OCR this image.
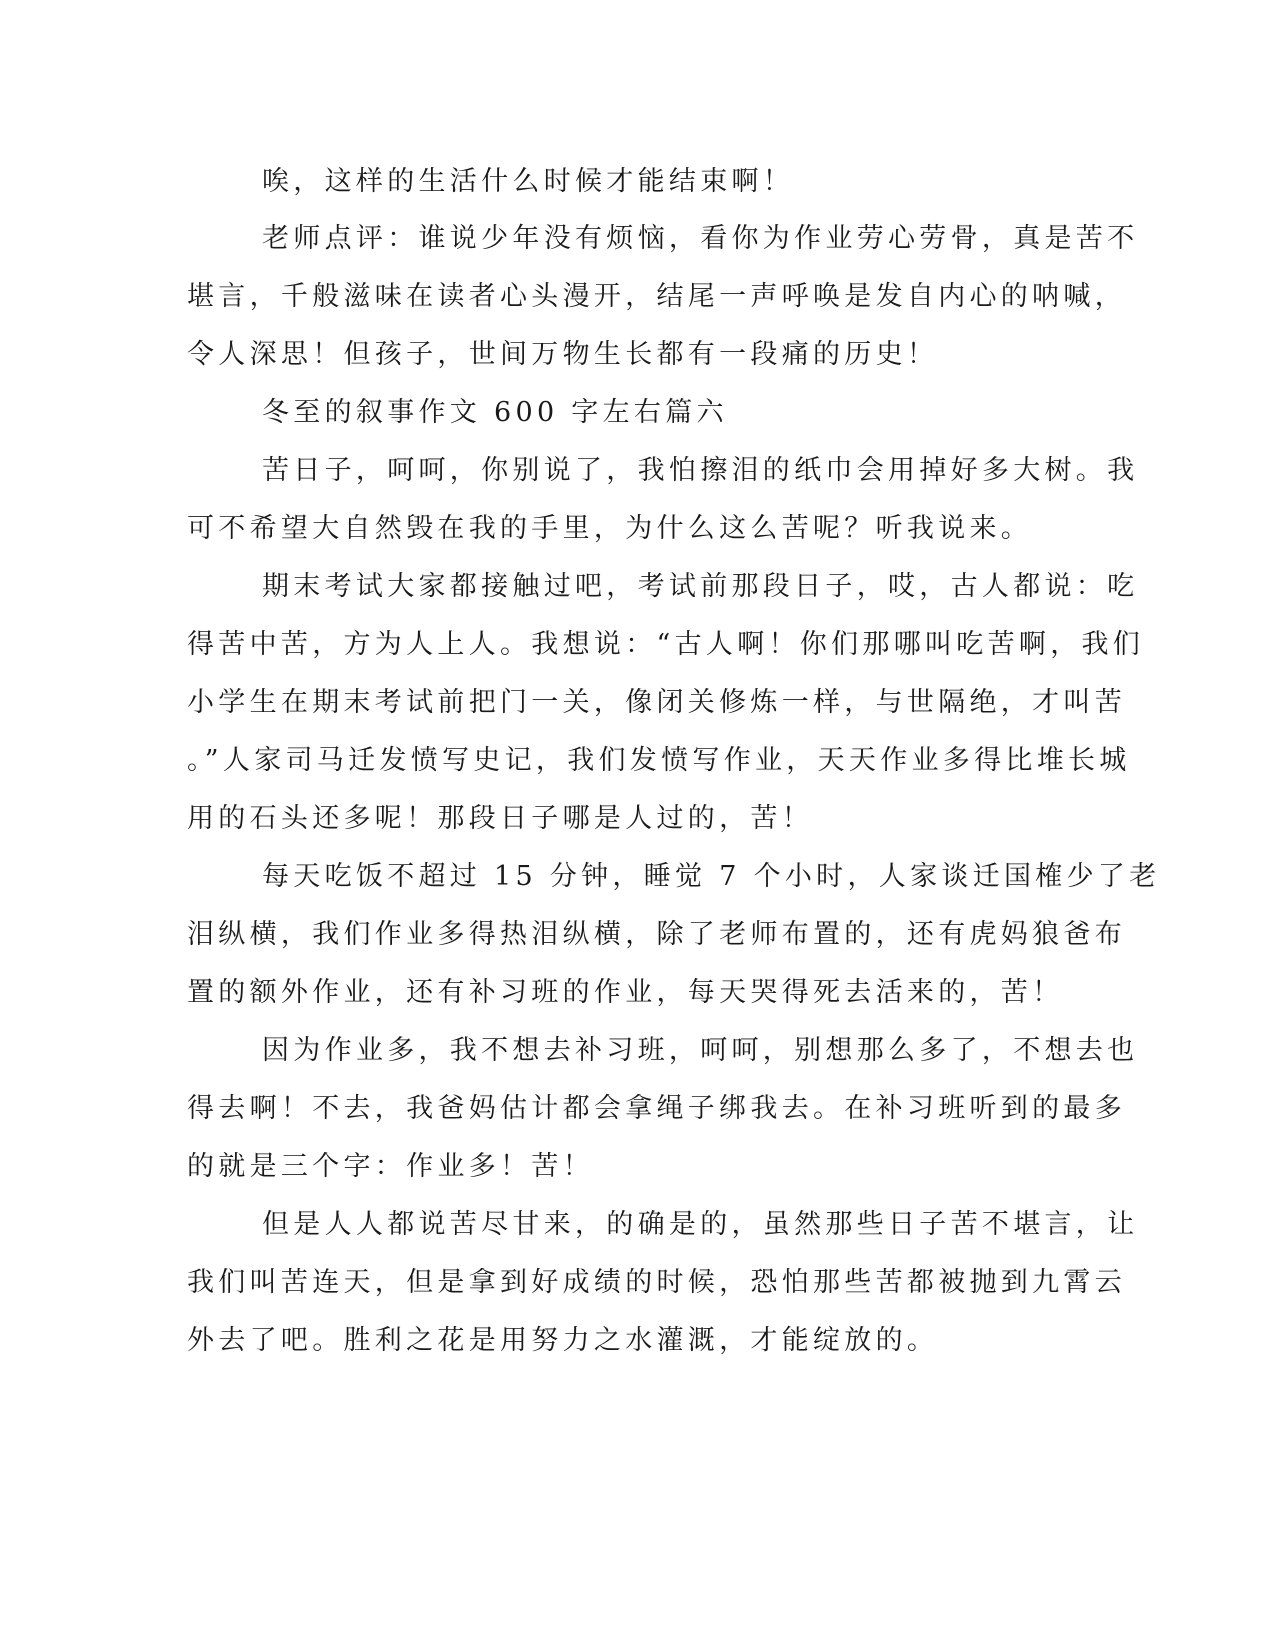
唉，这样的生活什么时候才能结束啊！
老师点评：谁说少年没有烦恼，看你为作业劳心劳骨，真是苦不
堪言，千般滋味在读者心头漫开，结尾一声呼唤是发自内心的呐喊，
令人深思！但孩子，世间万物生长都有一段痛的历史！
冬至的叙事作文 600 字左右篇六
苦日子，呵呵，你别说了，我怕擦泪的纸巾会用掉好多大树。我
可不希望大自然毁在我的手里，为什么这么苦呢？听我说来。
期末考试大家都接触过吧，考试前那段日子，哎，古人都说：吃
得苦中苦，方为人上人。我想说：“古人啊！你们那哪叫吃苦啊，我们
小学生在期末考试前把门一关，像闭关修炼一样，与世隔绝，才叫苦
。”人家司马迁发愤写史记，我们发愤写作业，天天作业多得比堆长城
用的石头还多呢！那段日子哪是人过的，苦！
每天吃饭不超过 15 分钟，睡觉 7 个小时，人家谈迁国榷少了老
泪纵横，我们作业多得热泪纵横，除了老师布置的，还有虎妈狼爸布
置的额外作业，还有补习班的作业，每天哭得死去活来的，苦！
因为作业多，我不想去补习班，呵呵，别想那么多了，不想去也
得去啊！不去，我爸妈估计都会拿绳子绑我去。在补习班听到的最多
的就是三个字：作业多！苦！
但是人人都说苦尽甘来，的确是的，虽然那些日子苦不堪言，让
我们叫苦连天，但是拿到好成绩的时候，恐怕那些苦都被抛到九霄云
外去了吧。胜利之花是用努力之水灌溉，才能绽放的。
